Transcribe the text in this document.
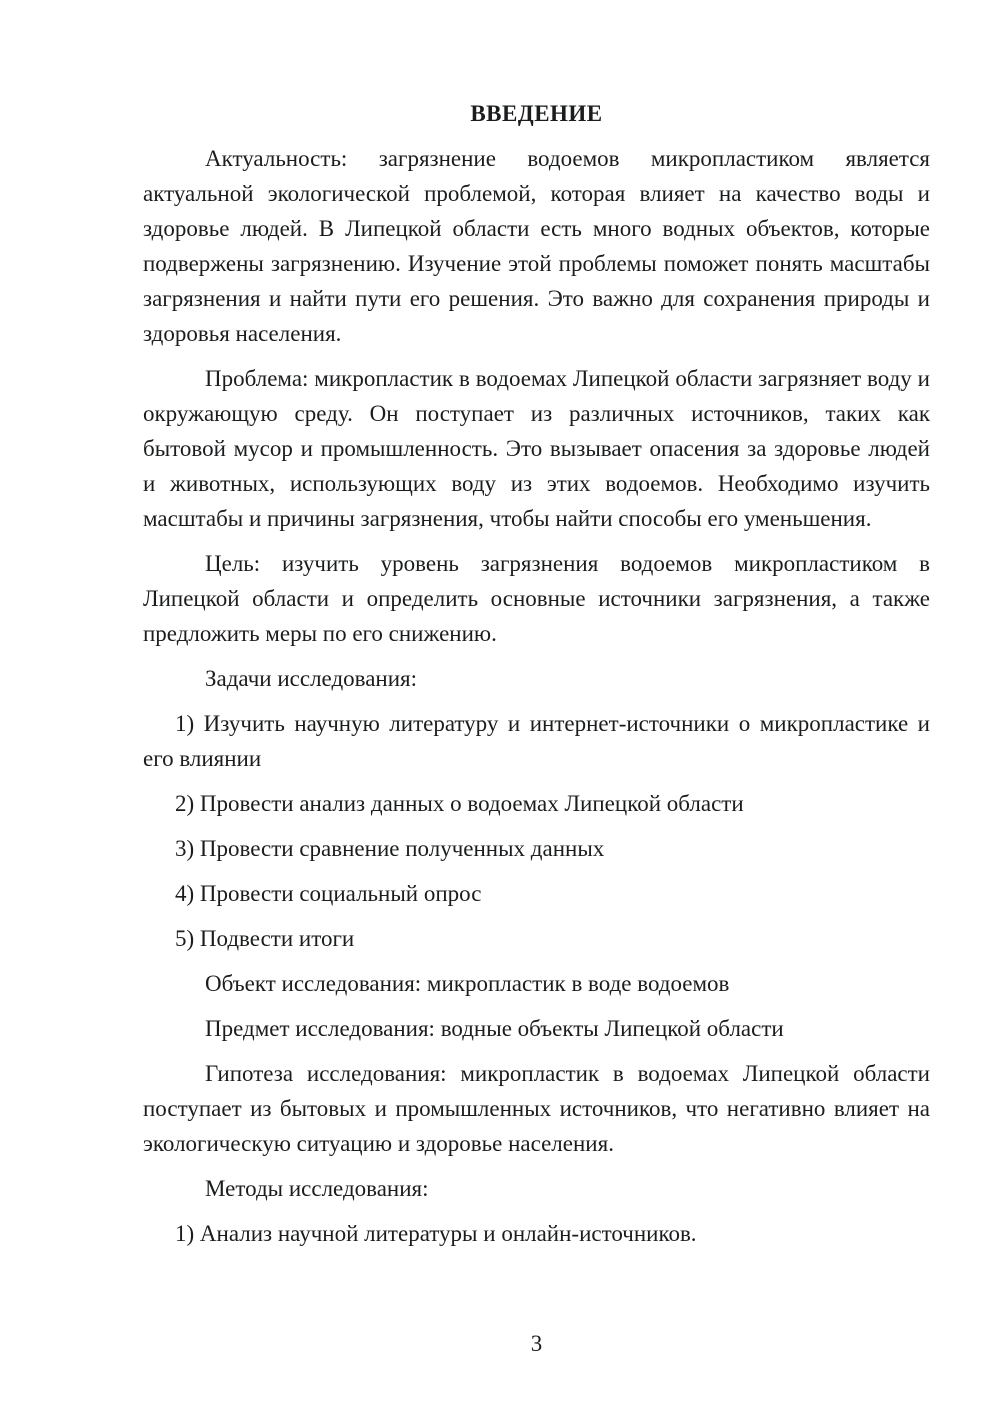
ВВЕДЕНИЕ

Актуальность: загрязнение водоемов микропластиком является актуальной экологической проблемой, которая влияет на качество воды и здоровье людей. В Липецкой области есть много водных объектов, которые подвержены загрязнению. Изучение этой проблемы поможет понять масштабы загрязнения и найти пути его решения. Это важно для сохранения природы и здоровья населения.

Проблема: микропластик в водоемах Липецкой области загрязняет воду и окружающую среду. Он поступает из различных источников, таких как бытовой мусор и промышленность. Это вызывает опасения за здоровье людей и животных, использующих воду из этих водоемов. Необходимо изучить масштабы и причины загрязнения, чтобы найти способы его уменьшения.

Цель: изучить уровень загрязнения водоемов микропластиком в Липецкой области и определить основные источники загрязнения, а также предложить меры по его снижению.

Задачи исследования:

1) Изучить научную литературу и интернет-источники о микропластике и его влиянии

2) Провести анализ данных о водоемах Липецкой области

3) Провести сравнение полученных данных

4) Провести социальный опрос

5) Подвести итоги

Объект исследования: микропластик в воде водоемов

Предмет исследования: водные объекты Липецкой области

Гипотеза исследования: микропластик в водоемах Липецкой области поступает из бытовых и промышленных источников, что негативно влияет на экологическую ситуацию и здоровье населения.

Методы исследования:

1) Анализ научной литературы и онлайн-источников.

3
